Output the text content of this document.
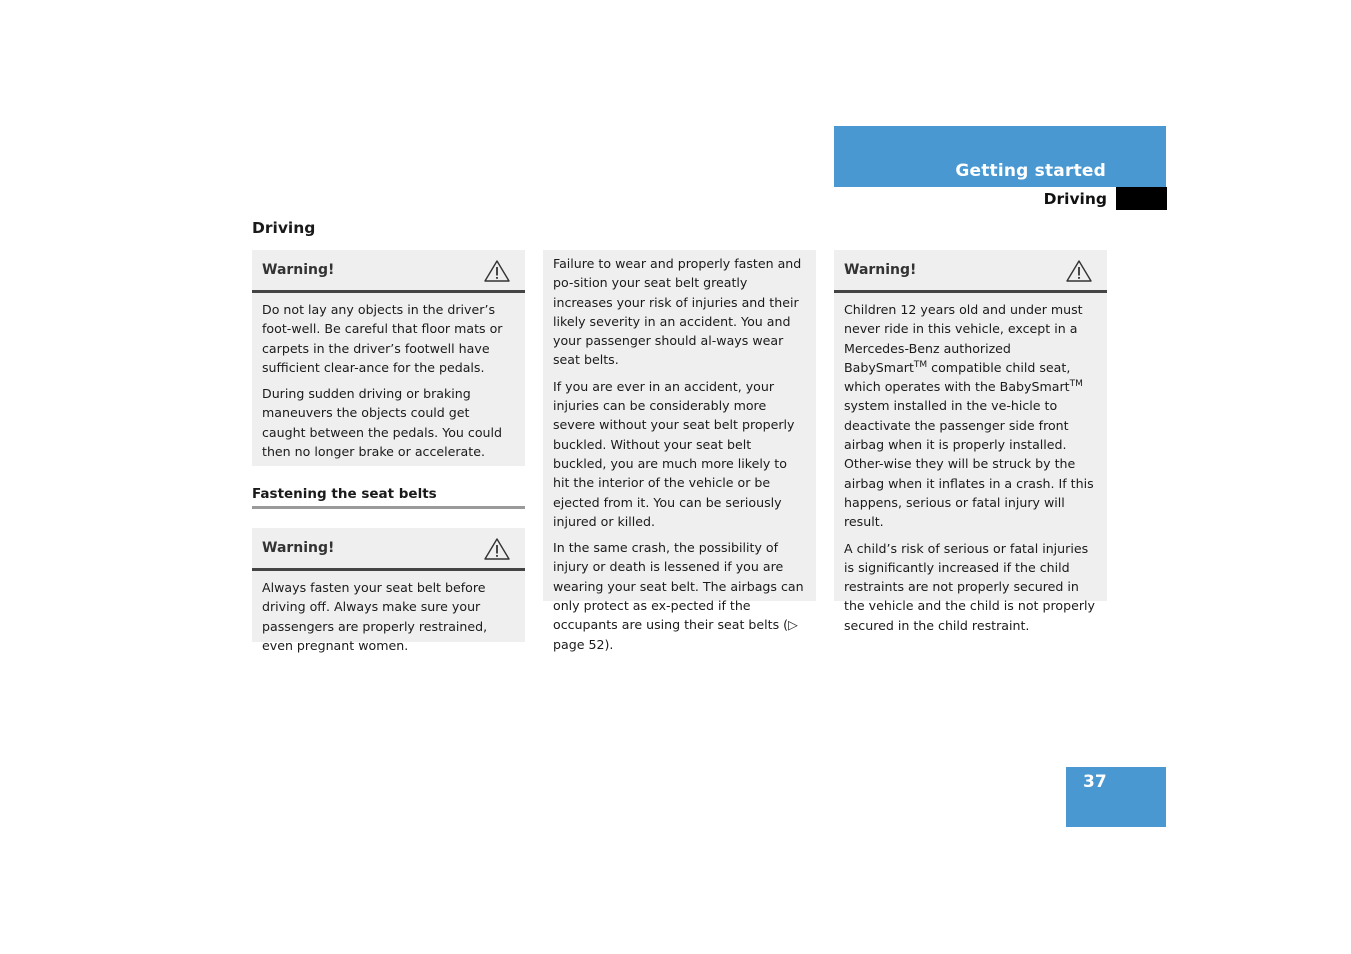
Getting started
Driving
Driving
Warning!

Do not lay any objects in the driver’s foot-well. Be careful that floor mats or carpets in the driver’s footwell have sufficient clear-ance for the pedals.

During sudden driving or braking maneuvers the objects could get caught between the pedals. You could then no longer brake or accelerate.

Fastening the seat belts
Warning!

Always fasten your seat belt before driving off. Always make sure your passengers are properly restrained, even pregnant women.

Failure to wear and properly fasten and po-sition your seat belt greatly increases your risk of injuries and their likely severity in an accident. You and your passenger should al-ways wear seat belts.

If you are ever in an accident, your injuries can be considerably more severe without your seat belt properly buckled. Without your seat belt buckled, you are much more likely to hit the interior of the vehicle or be ejected from it. You can be seriously injured or killed.

In the same crash, the possibility of injury or death is lessened if you are wearing your seat belt. The airbags can only protect as ex-pected if the occupants are using their seat belts (▷ page 52).

Warning!

Children 12 years old and under must never ride in this vehicle, except in a Mercedes-Benz authorized BabySmart™ compatible child seat, which operates with the BabySmart™ system installed in the ve-hicle to deactivate the passenger side front airbag when it is properly installed. Other-wise they will be struck by the airbag when it inflates in a crash. If this happens, serious or fatal injury will result.

A child’s risk of serious or fatal injuries is significantly increased if the child restraints are not properly secured in the vehicle and the child is not properly secured in the child restraint.

37
